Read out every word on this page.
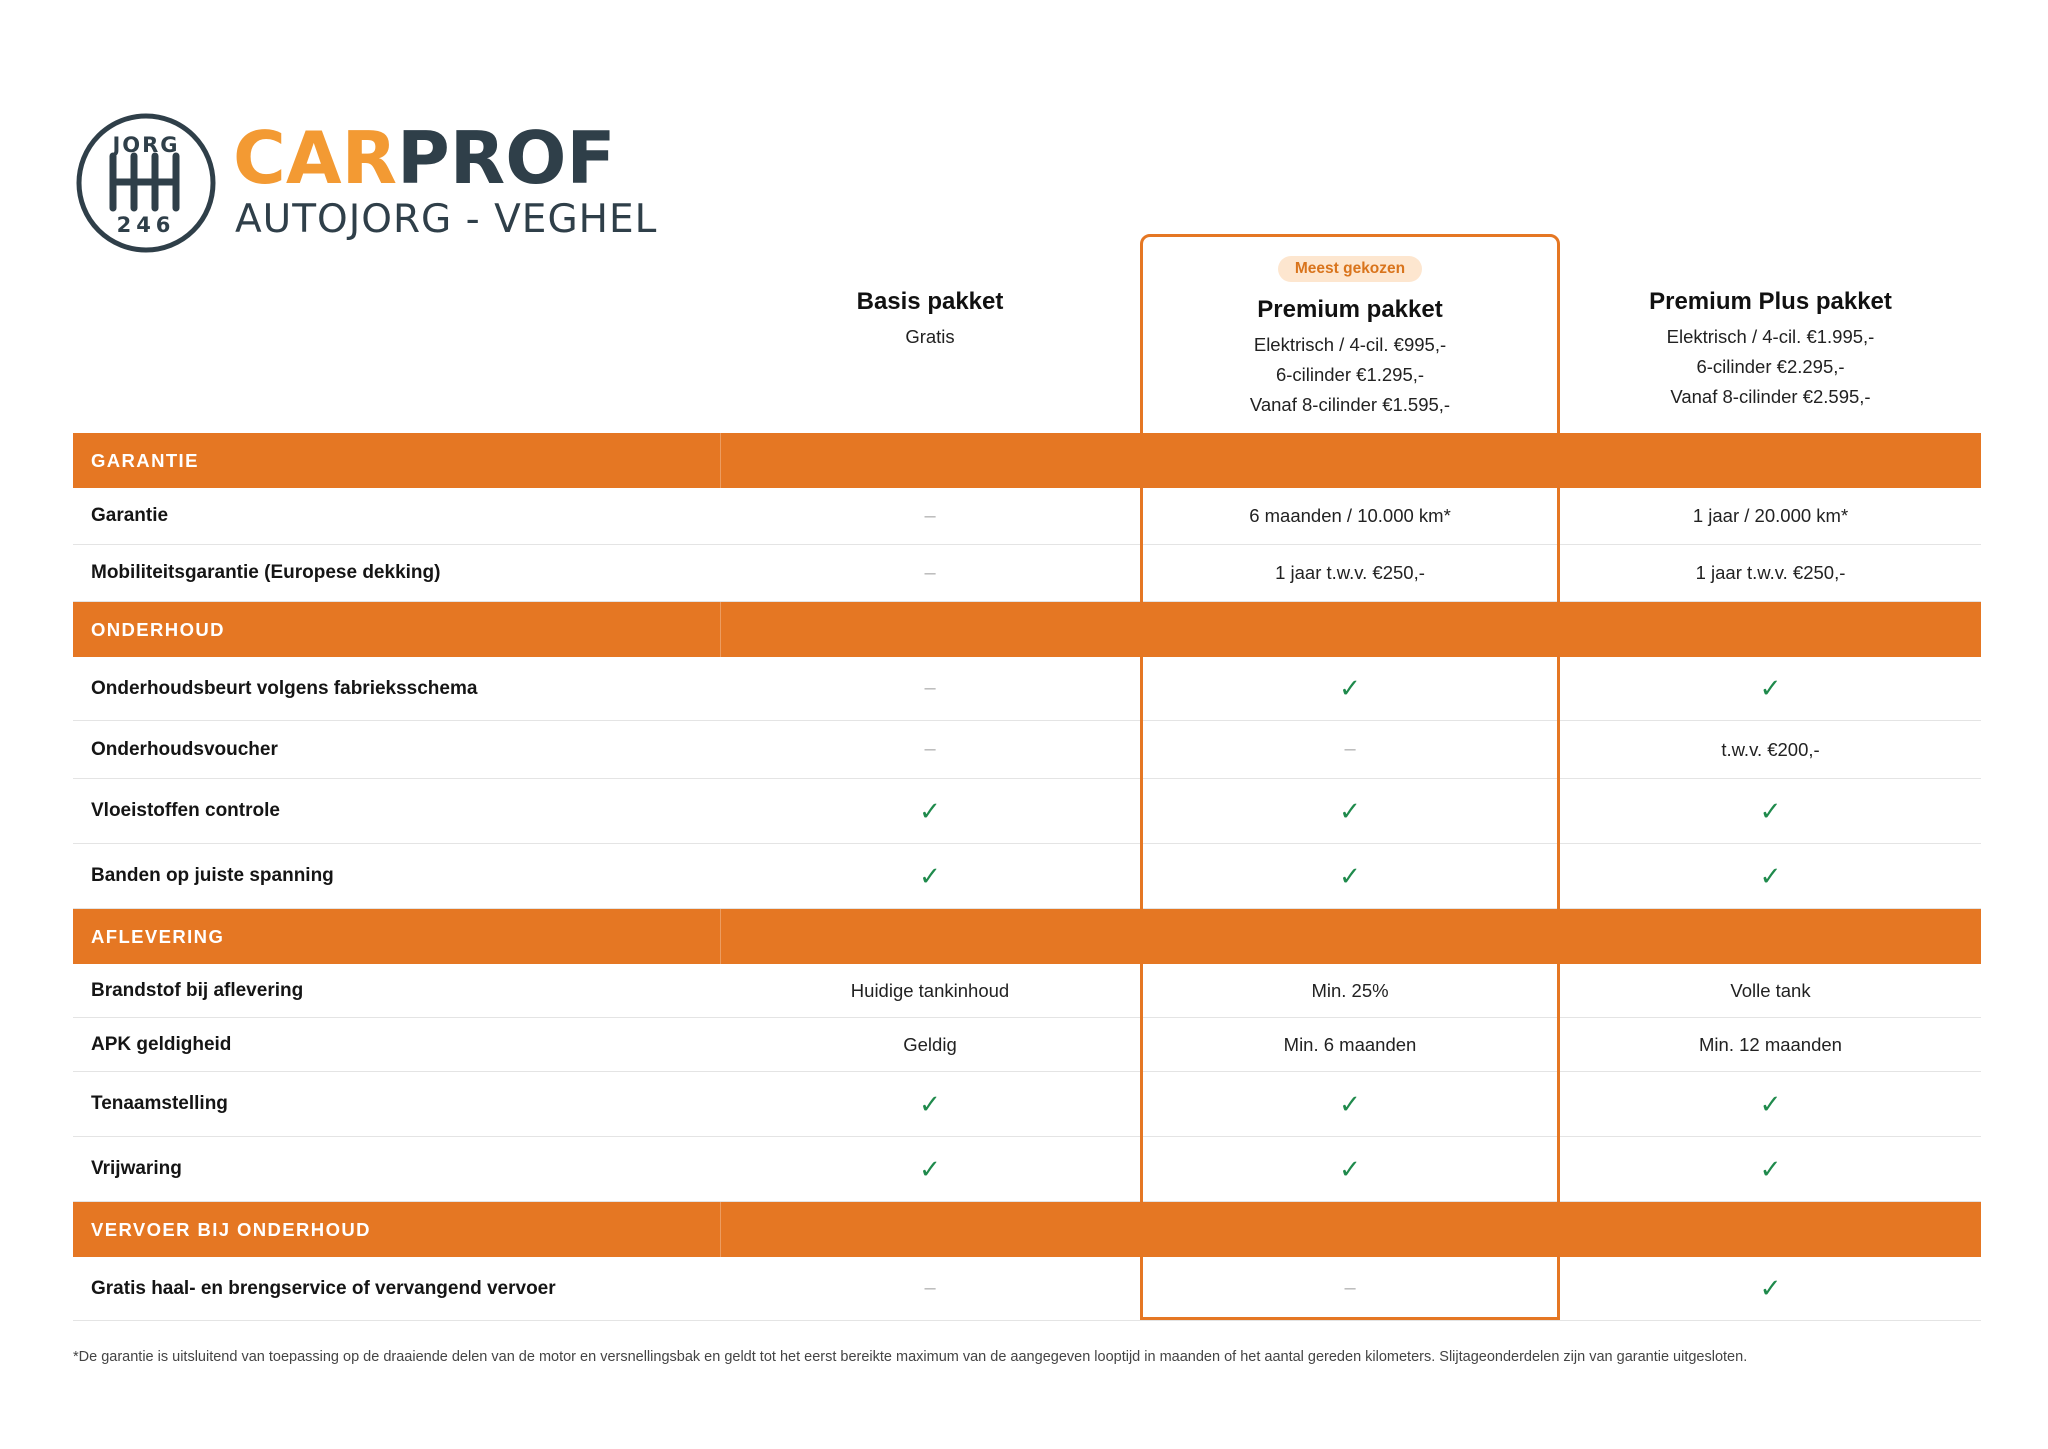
JORG
246
CARPROF
AUTOJORG - VEGHEL
Basis pakket
Gratis
Meest gekozen
Premium pakket
Elektrisch / 4-cil. €995,-
6-cilinder €1.295,-
Vanaf 8-cilinder €1.595,-
Premium Plus pakket
Elektrisch / 4-cil. €1.995,-
6-cilinder €2.295,-
Vanaf 8-cilinder €2.595,-
GARANTIE
Garantie	–	6 maanden / 10.000 km*	1 jaar / 20.000 km*
Mobiliteitsgarantie (Europese dekking)	–	1 jaar t.w.v. €250,-	1 jaar t.w.v. €250,-
ONDERHOUD
Onderhoudsbeurt volgens fabrieksschema	–	✓	✓
Onderhoudsvoucher	–	–	t.w.v. €200,-
Vloeistoffen controle	✓	✓	✓
Banden op juiste spanning	✓	✓	✓
AFLEVERING
Brandstof bij aflevering	Huidige tankinhoud	Min. 25%	Volle tank
APK geldigheid	Geldig	Min. 6 maanden	Min. 12 maanden
Tenaamstelling	✓	✓	✓
Vrijwaring	✓	✓	✓
VERVOER BIJ ONDERHOUD
Gratis haal- en brengservice of vervangend vervoer	–	–	✓
*De garantie is uitsluitend van toepassing op de draaiende delen van de motor en versnellingsbak en geldt tot het eerst bereikte maximum van de aangegeven looptijd in maanden of het aantal gereden kilometers. Slijtageonderdelen zijn van garantie uitgesloten.
